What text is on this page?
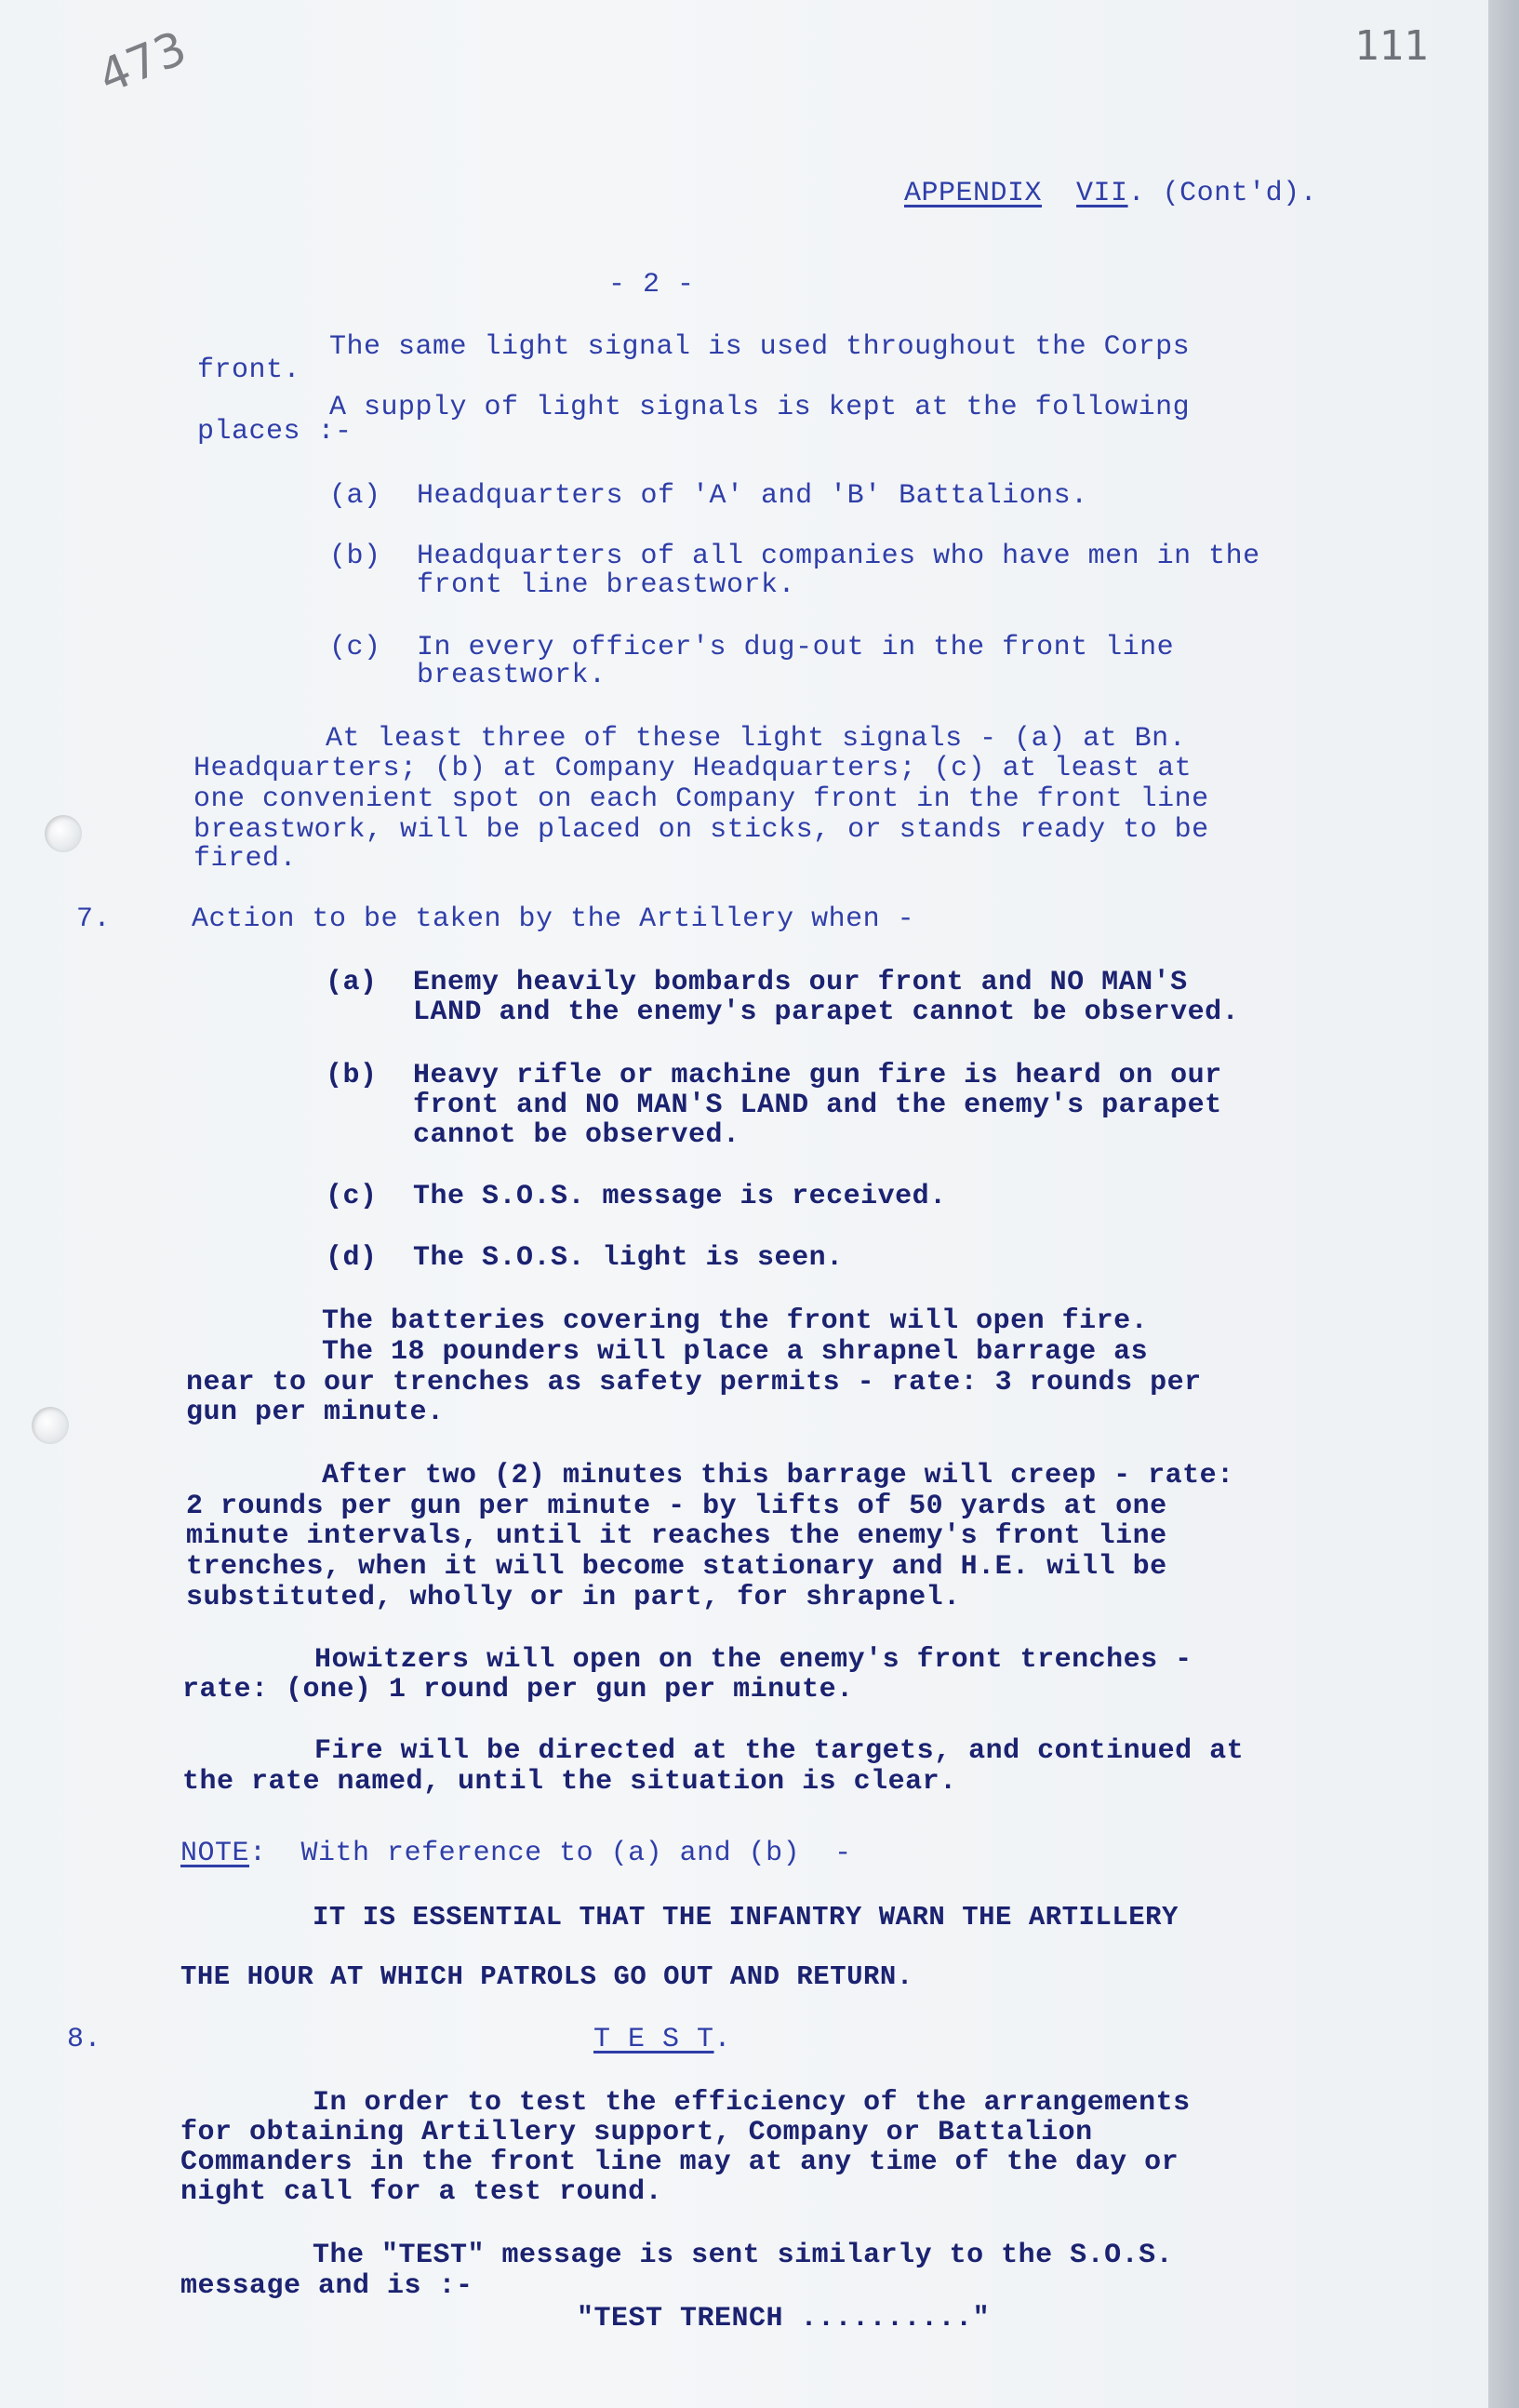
473	111
APPENDIX VII. (Cont'd).
- 2 -
The same light signal is used throughout the Corps
front.
A supply of light signals is kept at the following
places :-
(a) Headquarters of 'A' and 'B' Battalions.
(b) Headquarters of all companies who have men in the
front line breastwork.
(c) In every officer's dug-out in the front line
breastwork.
At least three of these light signals - (a) at Bn.
Headquarters; (b) at Company Headquarters; (c) at least at
one convenient spot on each Company front in the front line
breastwork, will be placed on sticks, or stands ready to be
fired.
7.	Action to be taken by the Artillery when -
(a) Enemy heavily bombards our front and NO MAN'S
LAND and the enemy's parapet cannot be observed.
(b) Heavy rifle or machine gun fire is heard on our
front and NO MAN'S LAND and the enemy's parapet
cannot be observed.
(c) The S.O.S. message is received.
(d) The S.O.S. light is seen.
The batteries covering the front will open fire.
The 18 pounders will place a shrapnel barrage as
near to our trenches as safety permits - rate: 3 rounds per
gun per minute.
After two (2) minutes this barrage will creep - rate:
2 rounds per gun per minute - by lifts of 50 yards at one
minute intervals, until it reaches the enemy's front line
trenches, when it will become stationary and H.E. will be
substituted, wholly or in part, for shrapnel.
Howitzers will open on the enemy's front trenches -
rate: (one) 1 round per gun per minute.
Fire will be directed at the targets, and continued at
the rate named, until the situation is clear.
NOTE: With reference to (a) and (b)  -
IT IS ESSENTIAL THAT THE INFANTRY WARN THE ARTILLERY
THE HOUR AT WHICH PATROLS GO OUT AND RETURN.
8.	T E S T.
In order to test the efficiency of the arrangements
for obtaining Artillery support, Company or Battalion
Commanders in the front line may at any time of the day or
night call for a test round.
The "TEST" message is sent similarly to the S.O.S.
message and is :-
"TEST TRENCH .........."
